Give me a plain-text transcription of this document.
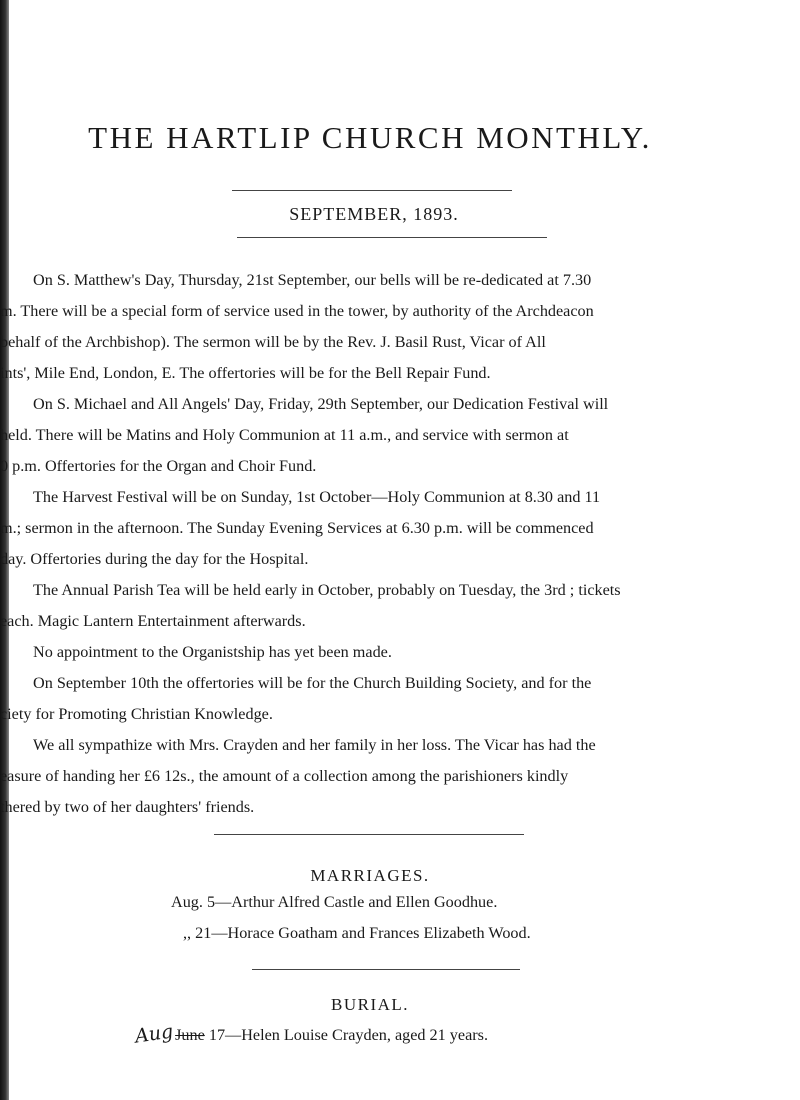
THE HARTLIP CHURCH MONTHLY.
SEPTEMBER, 1893.

On S. Matthew's Day, Thursday, 21st September, our bells will be re-dedicated at 7.30

m. There will be a special form of service used in the tower, by authority of the Archdeacon

behalf of the Archbishop). The sermon will be by the Rev. J. Basil Rust, Vicar of All

ints', Mile End, London, E. The offertories will be for the Bell Repair Fund.

On S. Michael and All Angels' Day, Friday, 29th September, our Dedication Festival will

held. There will be Matins and Holy Communion at 11 a.m., and service with sermon at

0 p.m. Offertories for the Organ and Choir Fund.

The Harvest Festival will be on Sunday, 1st October—Holy Communion at 8.30 and 11

m.; sermon in the afternoon. The Sunday Evening Services at 6.30 p.m. will be commenced

day. Offertories during the day for the Hospital.

The Annual Parish Tea will be held early in October, probably on Tuesday, the 3rd ; tickets

each. Magic Lantern Entertainment afterwards.

No appointment to the Organistship has yet been made.

On September 10th the offertories will be for the Church Building Society, and for the

ciety for Promoting Christian Knowledge.

We all sympathize with Mrs. Crayden and her family in her loss. The Vicar has had the

easure of handing her £6 12s., the amount of a collection among the parishioners kindly

thered by two of her daughters' friends.

MARRIAGES.
Aug. 5—Arthur Alfred Castle and Ellen Goodhue.
,, 21—Horace Goatham and Frances Elizabeth Wood.
BURIAL.
AugJune 17—Helen Louise Crayden, aged 21 years.
